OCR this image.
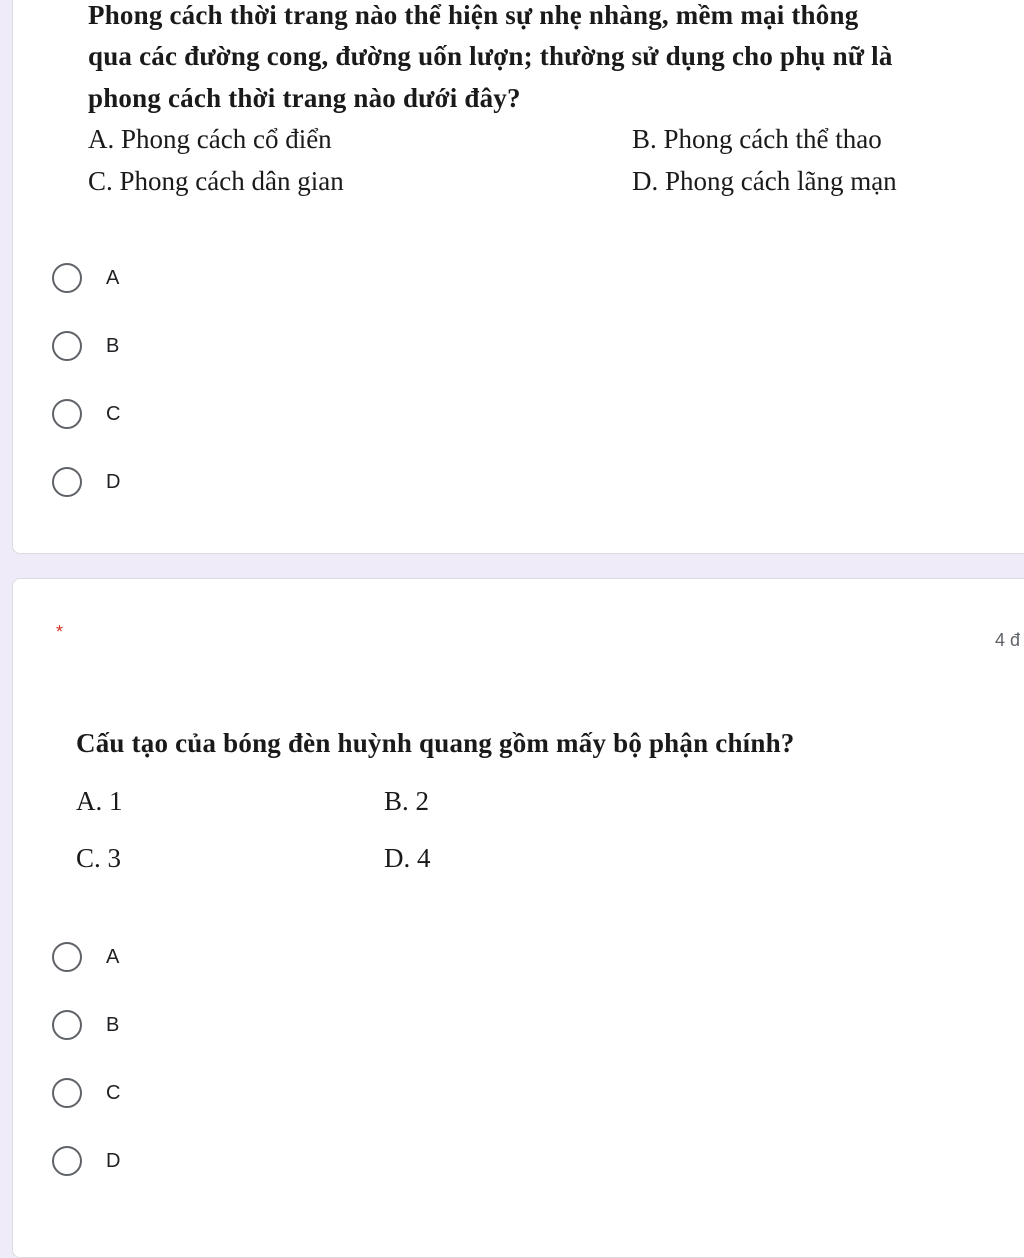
Phong cách thời trang nào thể hiện sự nhẹ nhàng, mềm mại thông
qua các đường cong, đường uốn lượn; thường sử dụng cho phụ nữ là
phong cách thời trang nào dưới đây?
A. Phong cách cổ điển	B. Phong cách thể thao
C. Phong cách dân gian	D. Phong cách lãng mạn
A
B
C
D
*	4 đ
Cấu tạo của bóng đèn huỳnh quang gồm mấy bộ phận chính?
A. 1	B. 2
C. 3	D. 4
A
B
C
D
